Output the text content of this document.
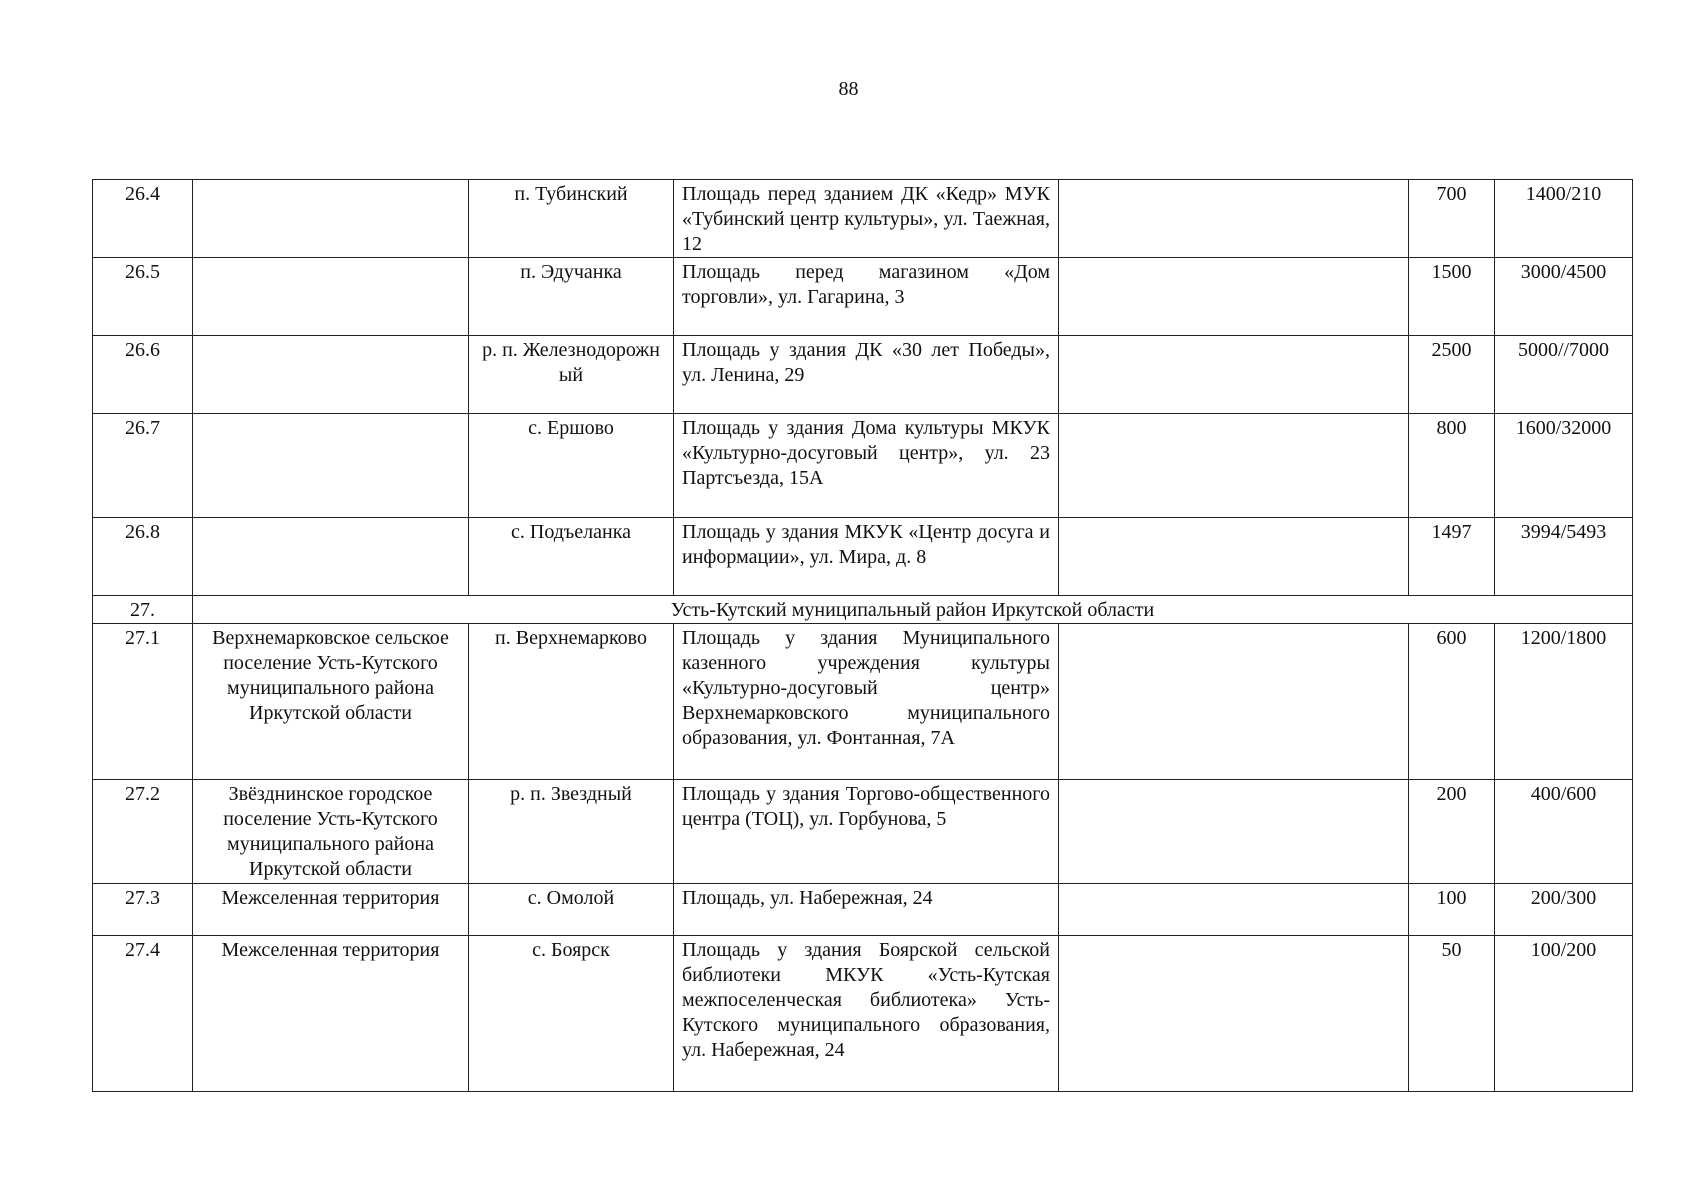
88
26.4		п. Тубинский	Площадь перед зданием ДК «Кедр» МУК «Тубинский центр культуры», ул. Таежная, 12		700	1400/210
26.5		п. Эдучанка	Площадь перед магазином «Дом торговли», ул. Гагарина, 3		1500	3000/4500
26.6		р. п. Железнодорожный	Площадь у здания ДК «30 лет Победы», ул. Ленина, 29		2500	5000//7000
26.7		с. Ершово	Площадь у здания Дома культуры МКУК «Культурно-досуговый центр», ул. 23 Партсъезда, 15А		800	1600/32000
26.8		с. Подъеланка	Площадь у здания МКУК «Центр досуга и информации», ул. Мира, д. 8		1497	3994/5493
27.	Усть-Кутский муниципальный район Иркутской области					
27.1	Верхнемарковское сельское поселение Усть-Кутского муниципального района Иркутской области	п. Верхнемарково	Площадь у здания Муниципального казенного учреждения культуры «Культурно-досуговый центр» Верхнемарковского муниципального образования, ул. Фонтанная, 7А		600	1200/1800
27.2	Звёзднинское городское поселение Усть-Кутского муниципального района Иркутской области	р. п. Звездный	Площадь у здания Торгово-общественного центра (ТОЦ), ул. Горбунова, 5		200	400/600
27.3	Межселенная территория	с. Омолой	Площадь, ул. Набережная, 24		100	200/300
27.4	Межселенная территория	с. Боярск	Площадь у здания Боярской сельской библиотеки МКУК «Усть-Кутская межпоселенческая библиотека» Усть-Кутского муниципального образования, ул. Набережная, 24		50	100/200
